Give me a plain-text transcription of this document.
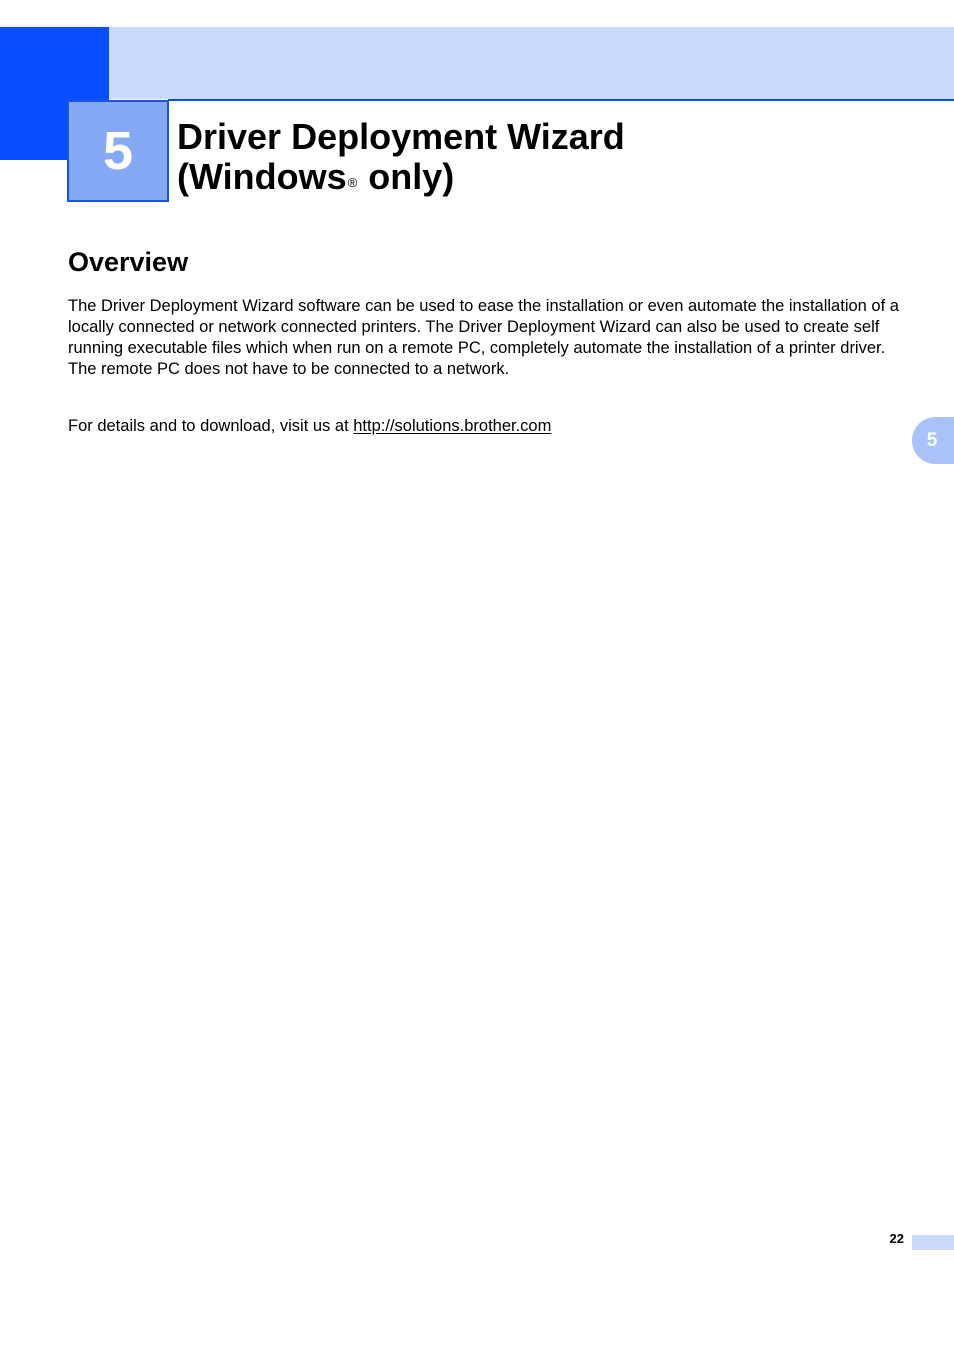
5 Driver Deployment Wizard
(Windows® only)
Overview

The Driver Deployment Wizard software can be used to ease the installation or even automate the installation of a locally connected or network connected printers. The Driver Deployment Wizard can also be used to create self running executable files which when run on a remote PC, completely automate the installation of a printer driver. The remote PC does not have to be connected to a network.

For details and to download, visit us at http://solutions.brother.com

5
22
